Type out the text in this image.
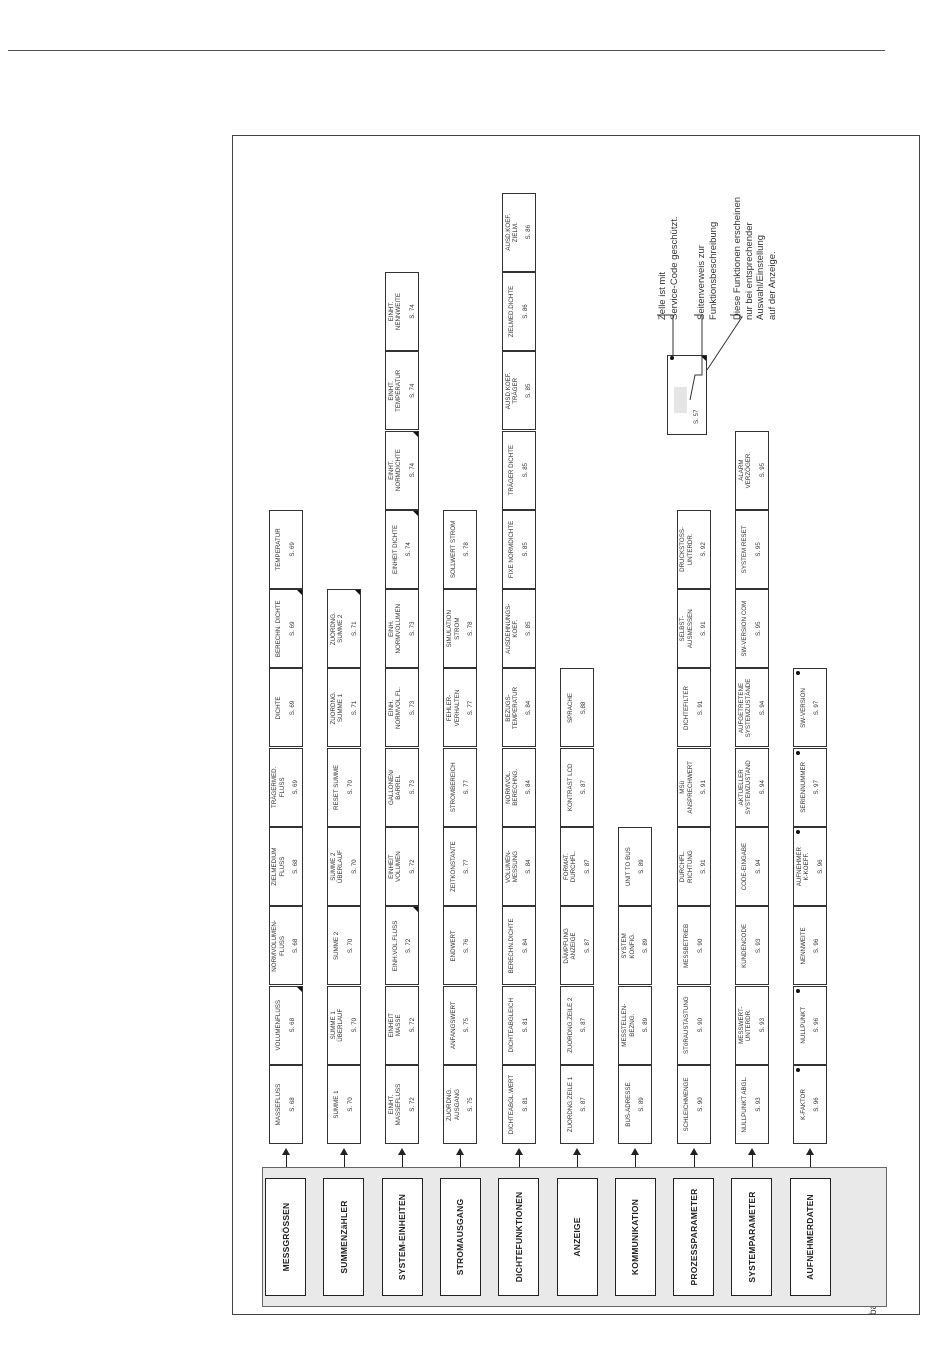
MESSGRÖSSEN
MASSEFLUSS S. 68
VOLUMENFLUSS S. 68
NORMVOLUMEN- FLUSS S. 68
ZIELMEDIUM FLUSS S. 68
TRÄGERMED. FLUSS S. 69
DICHTE S. 69
BERECHN. DICHTE S. 69
TEMPERATUR S. 69
SUMMENZäHLER
SUMME 1 S. 70
SUMME 1 ÜBERLAUF S. 70
SUMME 2 S. 70
SUMME 2 ÜBERLAUF S. 70
RESET SUMME S. 70
ZUORDNG. SUMME 1 S. 71
ZUORDNG. SUMME 2 S. 71
SYSTEM-EINHEITEN
EINHT. MASSEFLUSS S. 72
EINHEIT MASSE S. 72
EINH.VOL.FLUSS S. 72
EINHEIT VOLUMEN S. 72
GALLONEN/ BARREL S. 73
EINH. NORMVOL.FL. S. 73
EINH. NORMVOLUMEN S. 73
EINHEIT DICHTE S. 74
EINHT. NORMDICHTE S. 74
EINHT. TEMPERATUR S. 74
EINHT. NENNWEITE S. 74
STROMAUSGANG
ZUORDNG. AUSGANG S. 75
ANFANGSWERT S. 75
ENDWERT S. 76
ZEITKONSTANTE S. 77
STROMBEREICH S. 77
FEHLER- VERHALTEN S. 77
SIMULATION STROM S. 78
SOLLWERT STROM S. 78
DICHTEFUNKTIONEN
DICHTEABGL.WERT S. 81
DICHTEABGLEICH S. 81
BERECHN.DICHTE S. 84
VOLUMEN- MESSUNG S. 84
NORMVOL. BERECHNG. S. 84
BEZUGS- TEMPERATUR S. 84
AUSDEHNUNGS- KOEF. S. 85
FIXE NORMDICHTE S. 85
TRÄGER DICHTE S. 85
AUSD.KOEF. TRÄGER S. 85
ZIELMED.DICHTE S. 86
AUSD.KOEF. ZIELM. S. 86
ANZEIGE
ZUORDNG.ZEILE 1 S. 87
ZUORDNG.ZEILE 2 S. 87
DÄMPFUNG ANZEIGE S. 87
FORMAT. DURCHFL. S. 87
KONTRAST LCD S. 87
SPRACHE S.88
KOMMUNIKATION
BUS-ADRESSE S. 89
MESSTELLEN- BEZNG. S. 89
SYSTEM KONFIG. S. 89
UNIT TO BUS S. 89
PROZESSPARAMETER
SCHLEICHMENGE S. 90
STöRAUSTASTUNG S. 90
MESSBETRIEB S. 90
DURCHFL. RICHTUNG S. 91
MSü ANSPRECHWERT S. 91
DICHTEFILTER S. 91
SELBST- AUSMESSEN S. 91
DRUCKSTOSS- UNTERDR. S. 92
SYSTEMPARAMETER
NULLPUNKT ABGL. S. 93
MESSWERT- UNTERDR. S. 93
KUNDENCODE S. 93
CODE-EINGABE S. 94
AKTUELLER SYSTEMZUSTAND S. 94
AUFGETRETENE SYSTEMZUSTÄNDE S. 94
SW-VERSION COM S. 95
SYSTEM RESET S. 95
ALARM VERZÖGER. S. 95
AUFNEHMERDATEN
K-FAKTOR S. 96
NULLPUNKT S. 96
NENNWEITE S. 96
AUFNEHMER K-KOEFF. S. 96
SERIENNUMMER S. 97
SW-VERSION S. 97
S. 57
Zelle ist mit Service-Code geschützt. Seitenverweis zur Funktionsbeschreibung Diese Funktionen erscheinen nur bei entsprechender Auswahl/Einstellung auf der Anzeige.
